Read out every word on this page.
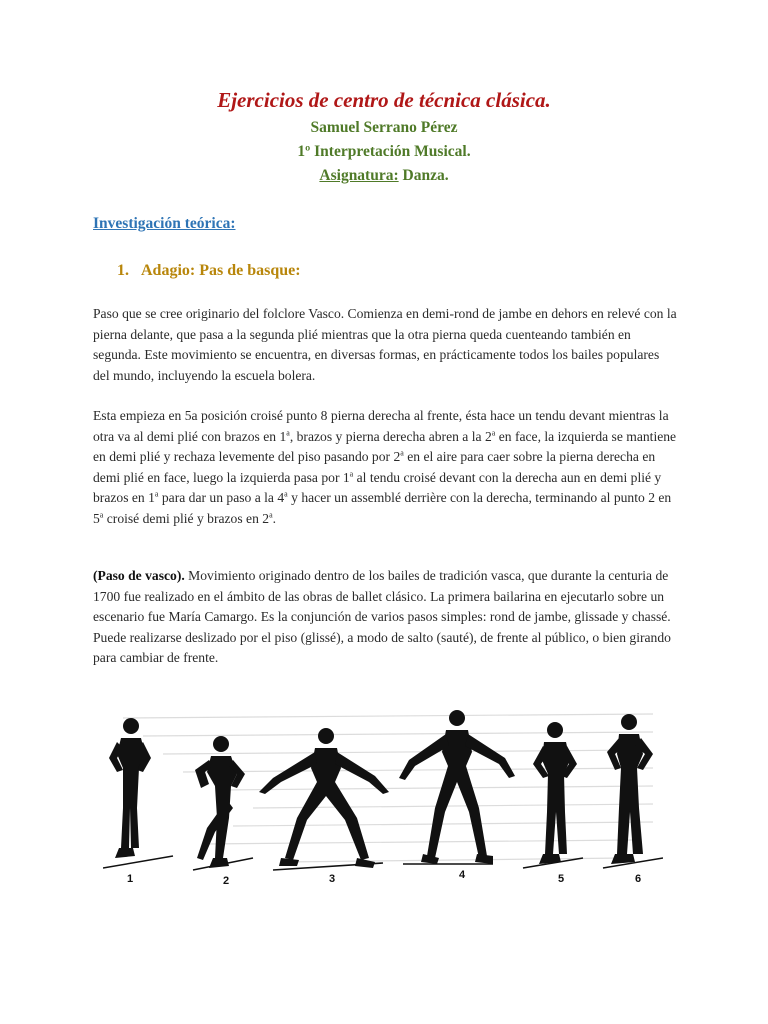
Ejercicios de centro de técnica clásica.
Samuel Serrano Pérez
1º Interpretación Musical.
Asignatura: Danza.
Investigación teórica:
1. Adagio: Pas de basque:
Paso que se cree originario del folclore Vasco. Comienza en demi-rond de jambe en dehors en relevé con la pierna delante, que pasa a la segunda plié mientras que la otra pierna queda cuenteando también en segunda. Este movimiento se encuentra, en diversas formas, en prácticamente todos los bailes populares del mundo, incluyendo la escuela bolera.
Esta empieza en 5a posición croisé punto 8 pierna derecha al frente, ésta hace un tendu devant mientras la otra va al demi plié con brazos en 1$^a$, brazos y pierna derecha abren a la 2$^a$ en face, la izquierda se mantiene en demi plié y rechaza levemente del piso pasando por 2$^a$ en el aire para caer sobre la pierna derecha en demi plié en face, luego la izquierda pasa por 1$^a$ al tendu croisé devant con la derecha aun en demi plié y brazos en 1$^a$ para dar un paso a la 4$^a$ y hacer un assemblé derrière con la derecha, terminando al punto 2 en 5$^a$ croisé demi plié y brazos en 2$^a$.
(Paso de vasco). Movimiento originado dentro de los bailes de tradición vasca, que durante la centuria de 1700 fue realizado en el ámbito de las obras de ballet clásico. La primera bailarina en ejecutarlo sobre un escenario fue María Camargo. Es la conjunción de varios pasos simples: rond de jambe, glissade y chassé. Puede realizarse deslizado por el piso (glissé), a modo de salto (sauté), de frente al público, o bien girando para cambiar de frente.
1	2	3	4	5	6
